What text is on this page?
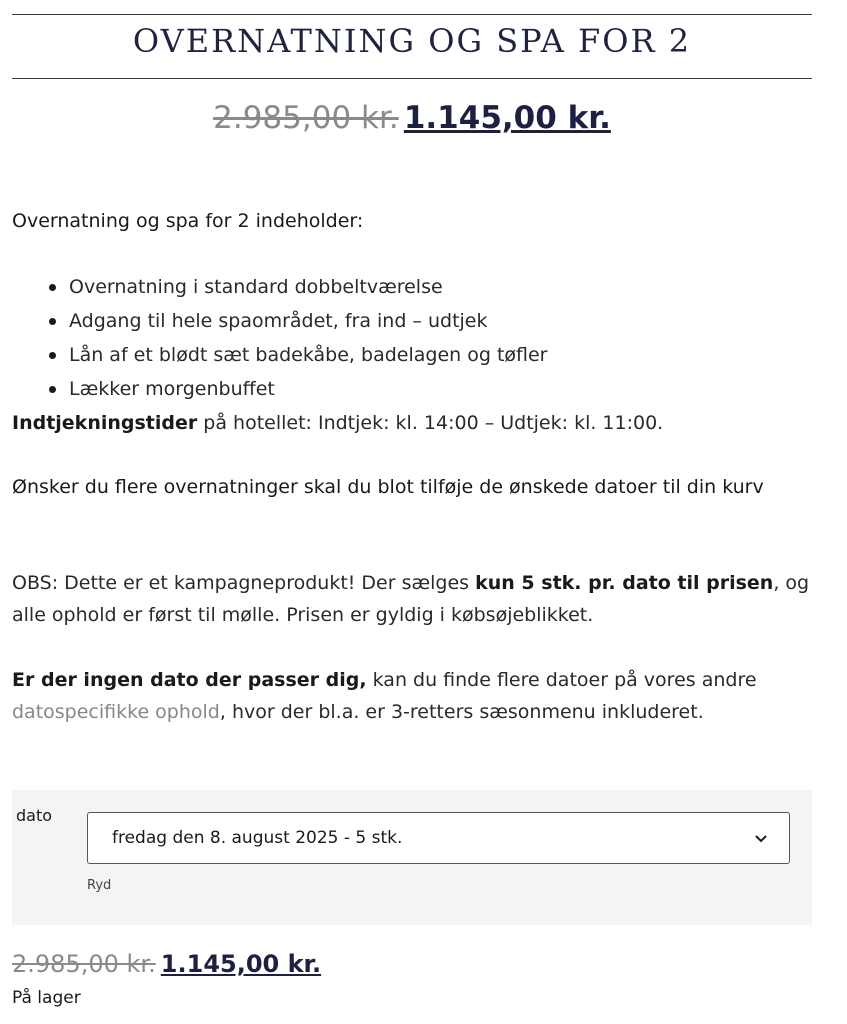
OVERNATNING OG SPA FOR 2
2.985,00 kr. 1.145,00 kr.
Overnatning og spa for 2 indeholder:
Overnatning i standard dobbeltværelse
Adgang til hele spaområdet, fra ind – udtjek
Lån af et blødt sæt badekåbe, badelagen og tøfler
Lækker morgenbuffet
Indtjekningstider på hotellet: Indtjek: kl. 14:00 – Udtjek: kl. 11:00.
Ønsker du flere overnatninger skal du blot tilføje de ønskede datoer til din kurv
OBS: Dette er et kampagneprodukt! Der sælges kun 5 stk. pr. dato til prisen, og alle ophold er først til mølle. Prisen er gyldig i købsøjeblikket.
Er der ingen dato der passer dig, kan du finde flere datoer på vores andre datospecifikke ophold, hvor der bl.a. er 3-retters sæsonmenu inkluderet.
dato
fredag den 8. august 2025 - 5 stk.
Ryd
2.985,00 kr. 1.145,00 kr.
På lager
